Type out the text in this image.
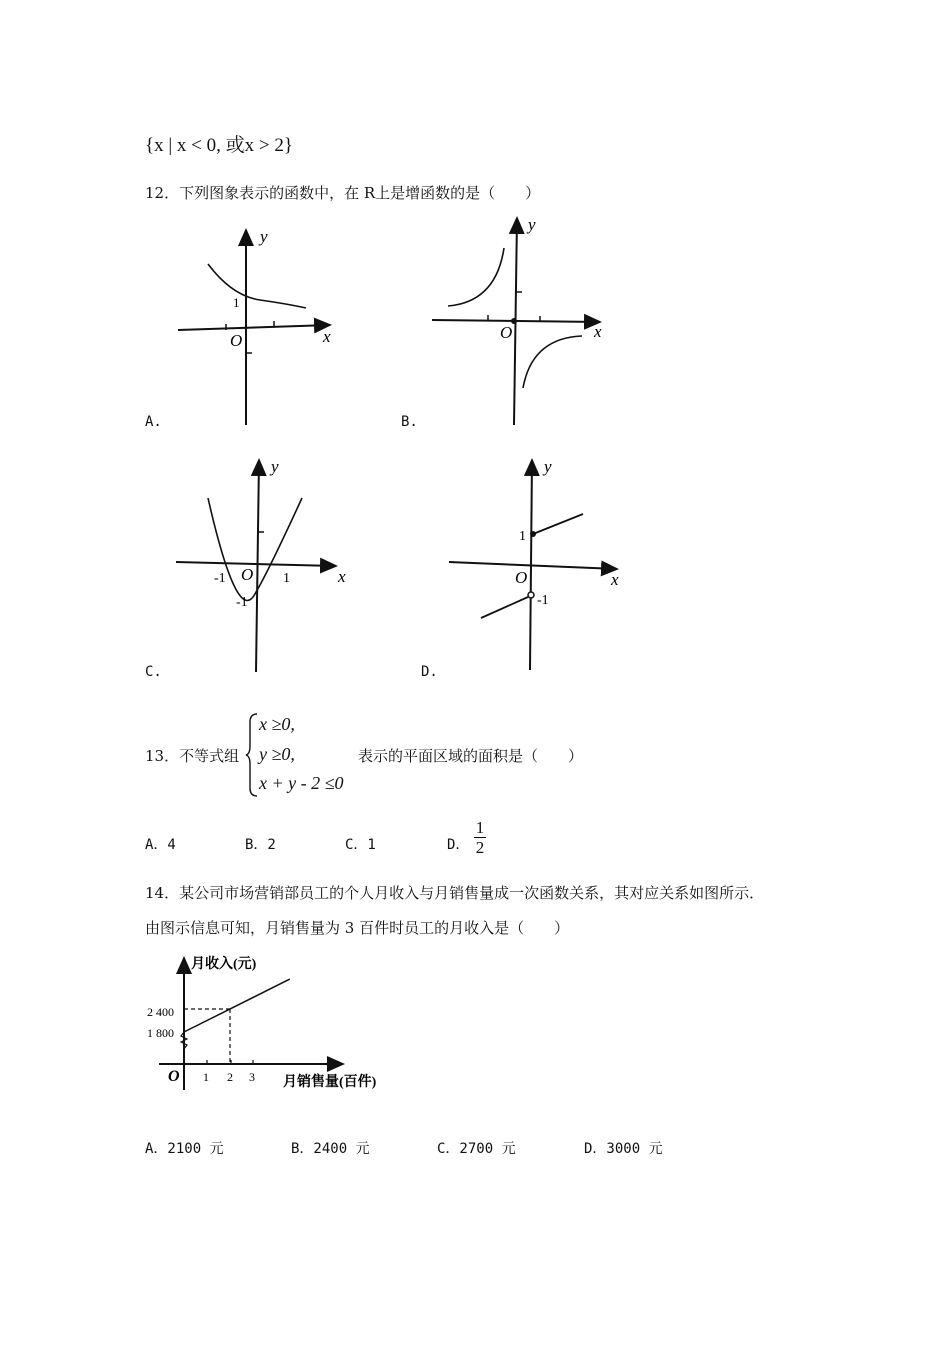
{x | x < 0, 或x > 2}
12．下列图象表示的函数中，在 R上是增函数的是（　　）
y
x
O
1
A.
y
x
O
B.
y
x
O
-1	1
-1
C.
y
x
O
1
-1
D.
13．不等式组
x ≥0,
y ≥0,
x + y - 2 ≤0
表示的平面区域的面积是（　　）
A．4	B．2	C．1	D．
1
2
14．某公司市场营销部员工的个人月收入与月销售量成一次函数关系，其对应关系如图所示．
由图示信息可知，月销售量为 3 百件时员工的月收入是（　　）
月收入(元)
月销售量(百件)
O
2 400
1 800
1 2 3
A．2100 元	B．2400 元	C．2700 元	D．3000 元
